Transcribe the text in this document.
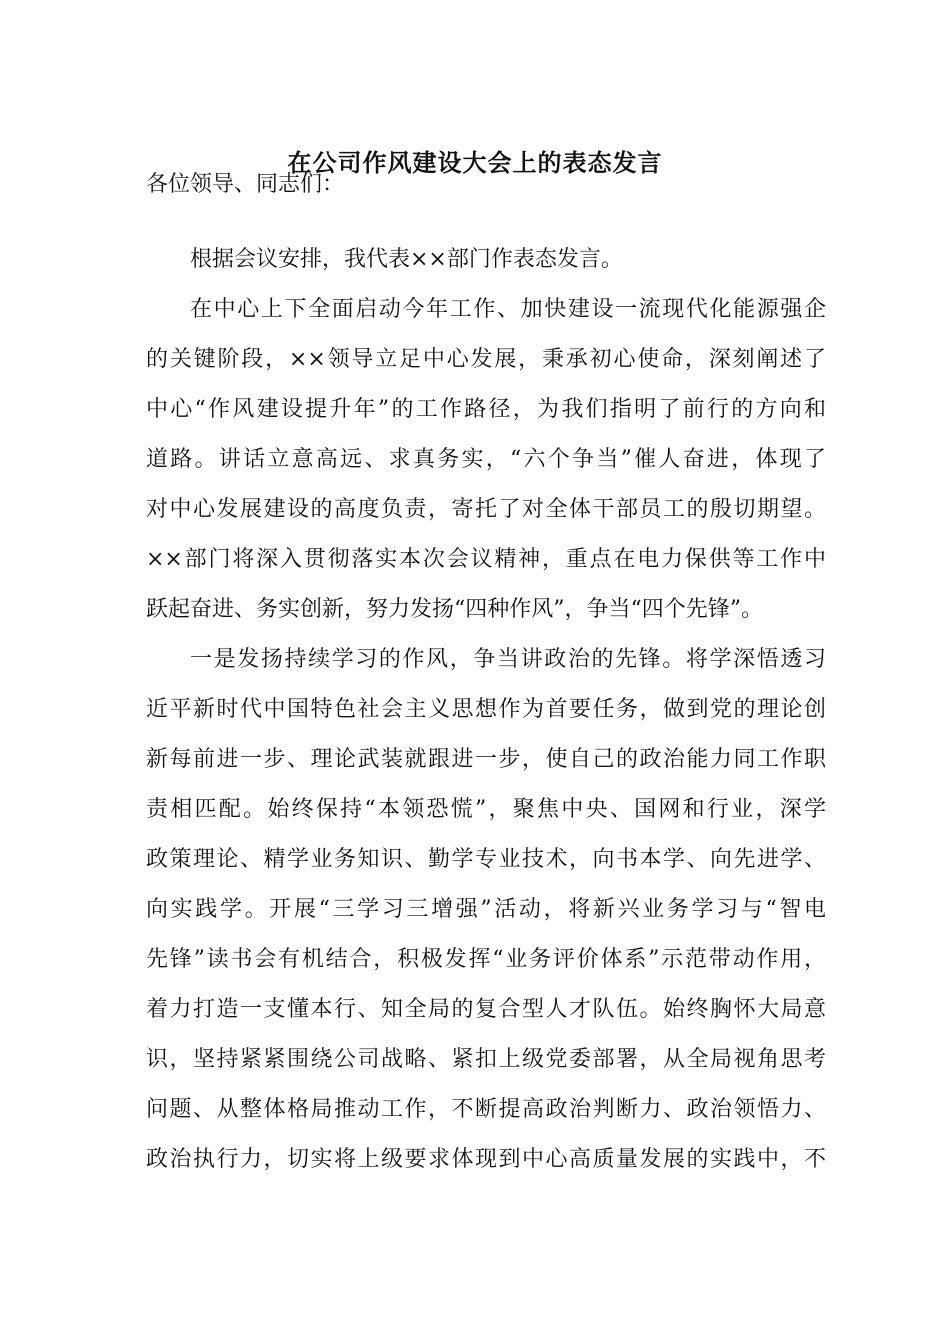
在公司作风建设大会上的表态发言
各位领导、同志们：
根据会议安排，我代表××部门作表态发言。
在中心上下全面启动今年工作、加快建设一流现代化能源强企
的关键阶段，××领导立足中心发展，秉承初心使命，深刻阐述了
中心“作风建设提升年”的工作路径，为我们指明了前行的方向和
道路。讲话立意高远、求真务实，“六个争当”催人奋进，体现了
对中心发展建设的高度负责，寄托了对全体干部员工的殷切期望。
××部门将深入贯彻落实本次会议精神，重点在电力保供等工作中
跃起奋进、务实创新，努力发扬“四种作风”，争当“四个先锋”。
一是发扬持续学习的作风，争当讲政治的先锋。将学深悟透习
近平新时代中国特色社会主义思想作为首要任务，做到党的理论创
新每前进一步、理论武装就跟进一步，使自己的政治能力同工作职
责相匹配。始终保持“本领恐慌”，聚焦中央、国网和行业，深学
政策理论、精学业务知识、勤学专业技术，向书本学、向先进学、
向实践学。开展“三学习三增强”活动，将新兴业务学习与“智电
先锋”读书会有机结合，积极发挥“业务评价体系”示范带动作用，
着力打造一支懂本行、知全局的复合型人才队伍。始终胸怀大局意
识，坚持紧紧围绕公司战略、紧扣上级党委部署，从全局视角思考
问题、从整体格局推动工作，不断提高政治判断力、政治领悟力、
政治执行力，切实将上级要求体现到中心高质量发展的实践中，不
